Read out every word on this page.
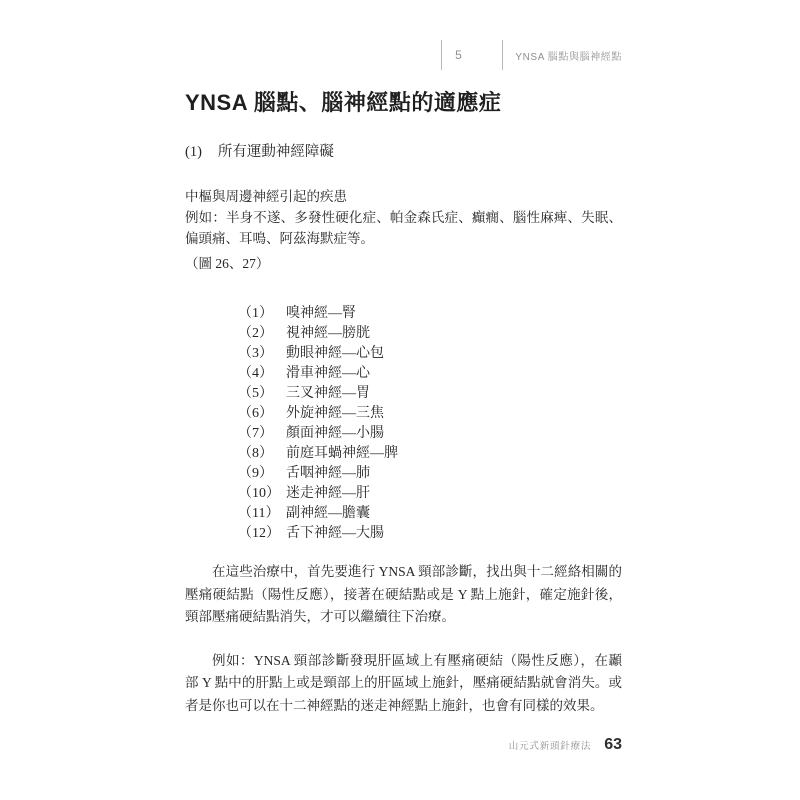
5	YNSA 腦點與腦神經點
YNSA 腦點、腦神經點的適應症
(1) 所有運動神經障礙
中樞與周邊神經引起的疾患
例如：半身不遂、多發性硬化症、帕金森氏症、癲癇、腦性麻痺、失眠、偏頭痛、耳鳴、阿茲海默症等。
（圖 26、27）
（1） 嗅神經—腎
（2） 視神經—膀胱
（3） 動眼神經—心包
（4） 滑車神經—心
（5） 三叉神經—胃
（6） 外旋神經—三焦
（7） 顏面神經—小腸
（8） 前庭耳蝸神經—脾
（9） 舌咽神經—肺
（10） 迷走神經—肝
（11） 副神經—膽囊
（12） 舌下神經—大腸

在這些治療中，首先要進行 YNSA 頸部診斷，找出與十二經絡相關的壓痛硬結點（陽性反應），接著在硬結點或是 Y 點上施針，確定施針後，頸部壓痛硬結點消失，才可以繼續往下治療。

例如：YNSA 頸部診斷發現肝區域上有壓痛硬結（陽性反應），在顳部 Y 點中的肝點上或是頸部上的肝區域上施針，壓痛硬結點就會消失。或者是你也可以在十二神經點的迷走神經點上施針，也會有同樣的效果。

山元式新頭針療法 63
